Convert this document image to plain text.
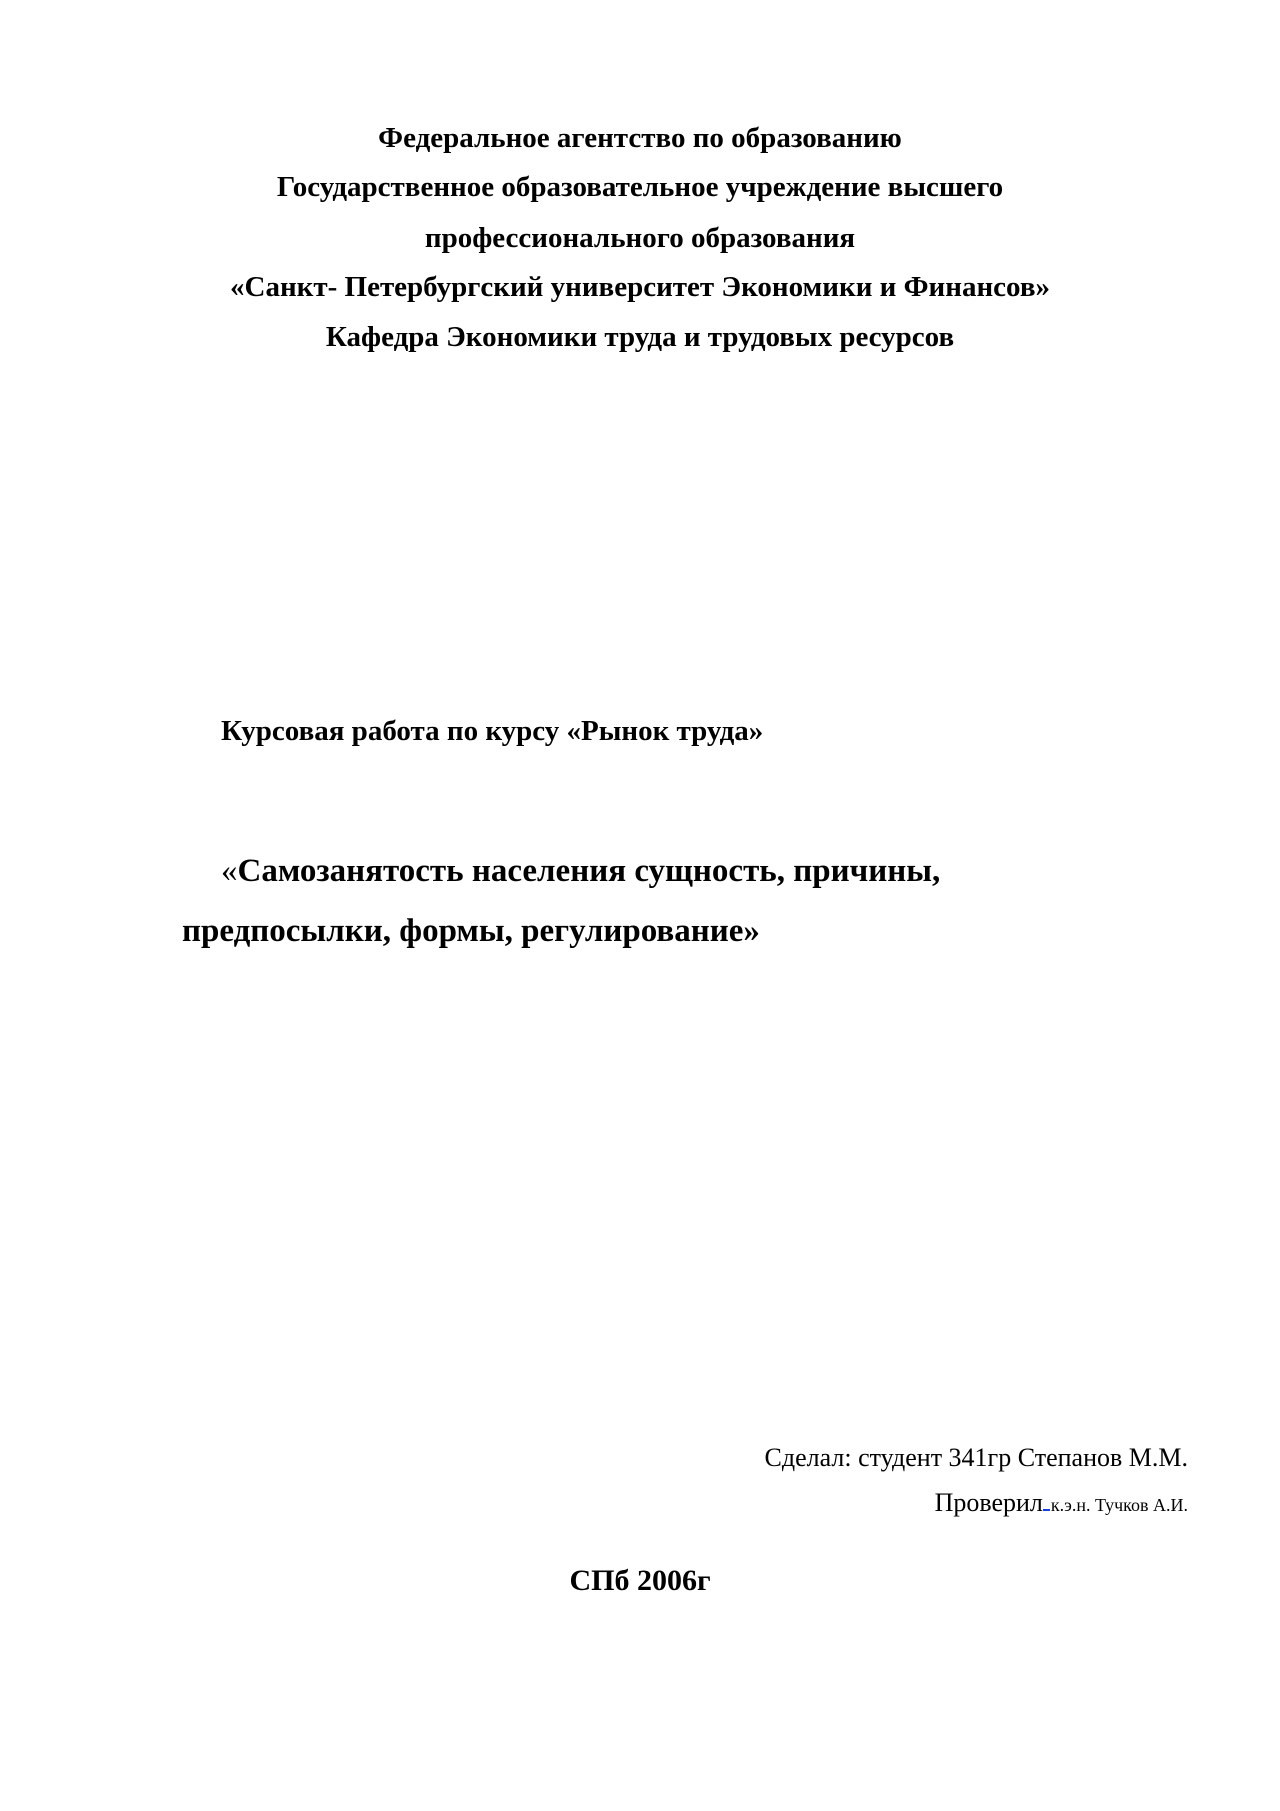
Федеральное агентство по образованию
Государственное образовательное учреждение высшего
профессионального образования
«Санкт- Петербургский университет Экономики и Финансов»
Кафедра Экономики труда и трудовых ресурсов
Курсовая работа по курсу «Рынок труда»
«Самозанятость населения сущность, причины,
предпосылки, формы, регулирование»
Сделал: студент 341гр Степанов М.М.
Проверил к.э.н. Тучков А.И.
СПб 2006г
